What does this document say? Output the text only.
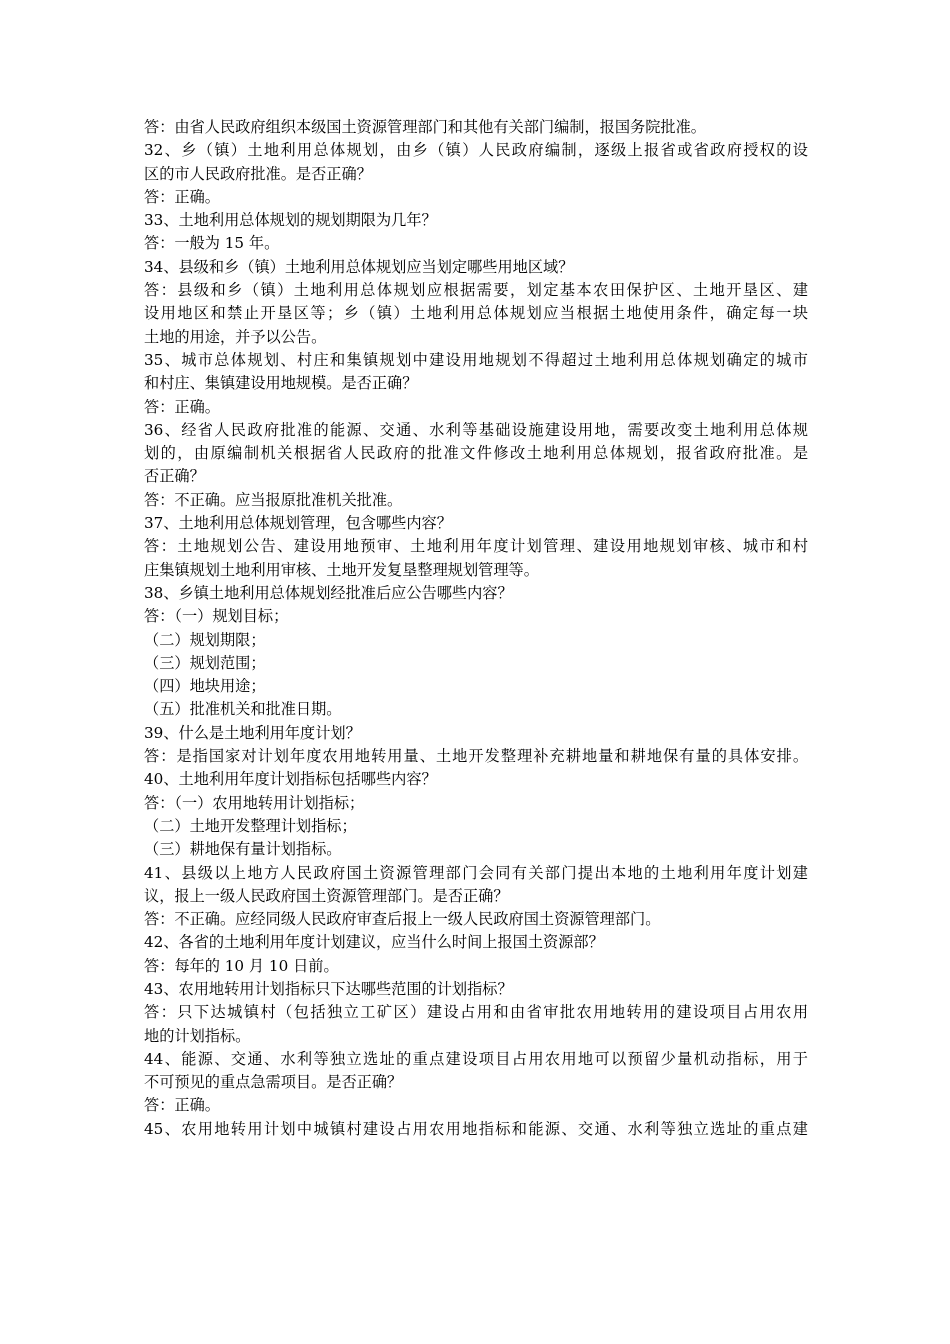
答：由省人民政府组织本级国土资源管理部门和其他有关部门编制，报国务院批准。
32、乡（镇）土地利用总体规划，由乡（镇）人民政府编制，逐级上报省或省政府授权的设
区的市人民政府批准。是否正确？
答：正确。
33、土地利用总体规划的规划期限为几年？
答：一般为 15 年。
34、县级和乡（镇）土地利用总体规划应当划定哪些用地区域？
答：县级和乡（镇）土地利用总体规划应根据需要，划定基本农田保护区、土地开垦区、建
设用地区和禁止开垦区等；乡（镇）土地利用总体规划应当根据土地使用条件，确定每一块
土地的用途，并予以公告。
35、城市总体规划、村庄和集镇规划中建设用地规划不得超过土地利用总体规划确定的城市
和村庄、集镇建设用地规模。是否正确？
答：正确。
36、经省人民政府批准的能源、交通、水利等基础设施建设用地，需要改变土地利用总体规
划的，由原编制机关根据省人民政府的批准文件修改土地利用总体规划，报省政府批准。是
否正确？
答：不正确。应当报原批准机关批准。
37、土地利用总体规划管理，包含哪些内容？
答：土地规划公告、建设用地预审、土地利用年度计划管理、建设用地规划审核、城市和村
庄集镇规划土地利用审核、土地开发复垦整理规划管理等。
38、乡镇土地利用总体规划经批准后应公告哪些内容？
答：（一）规划目标；
（二）规划期限；
（三）规划范围；
（四）地块用途；
（五）批准机关和批准日期。
39、什么是土地利用年度计划？
答：是指国家对计划年度农用地转用量、土地开发整理补充耕地量和耕地保有量的具体安排。
40、土地利用年度计划指标包括哪些内容？
答：（一）农用地转用计划指标；
（二）土地开发整理计划指标；
（三）耕地保有量计划指标。
41、县级以上地方人民政府国土资源管理部门会同有关部门提出本地的土地利用年度计划建
议，报上一级人民政府国土资源管理部门。是否正确？
答：不正确。应经同级人民政府审查后报上一级人民政府国土资源管理部门。
42、各省的土地利用年度计划建议，应当什么时间上报国土资源部？
答：每年的 10 月 10 日前。
43、农用地转用计划指标只下达哪些范围的计划指标？
答：只下达城镇村（包括独立工矿区）建设占用和由省审批农用地转用的建设项目占用农用
地的计划指标。
44、能源、交通、水利等独立选址的重点建设项目占用农用地可以预留少量机动指标，用于
不可预见的重点急需项目。是否正确？
答：正确。
45、农用地转用计划中城镇村建设占用农用地指标和能源、交通、水利等独立选址的重点建
